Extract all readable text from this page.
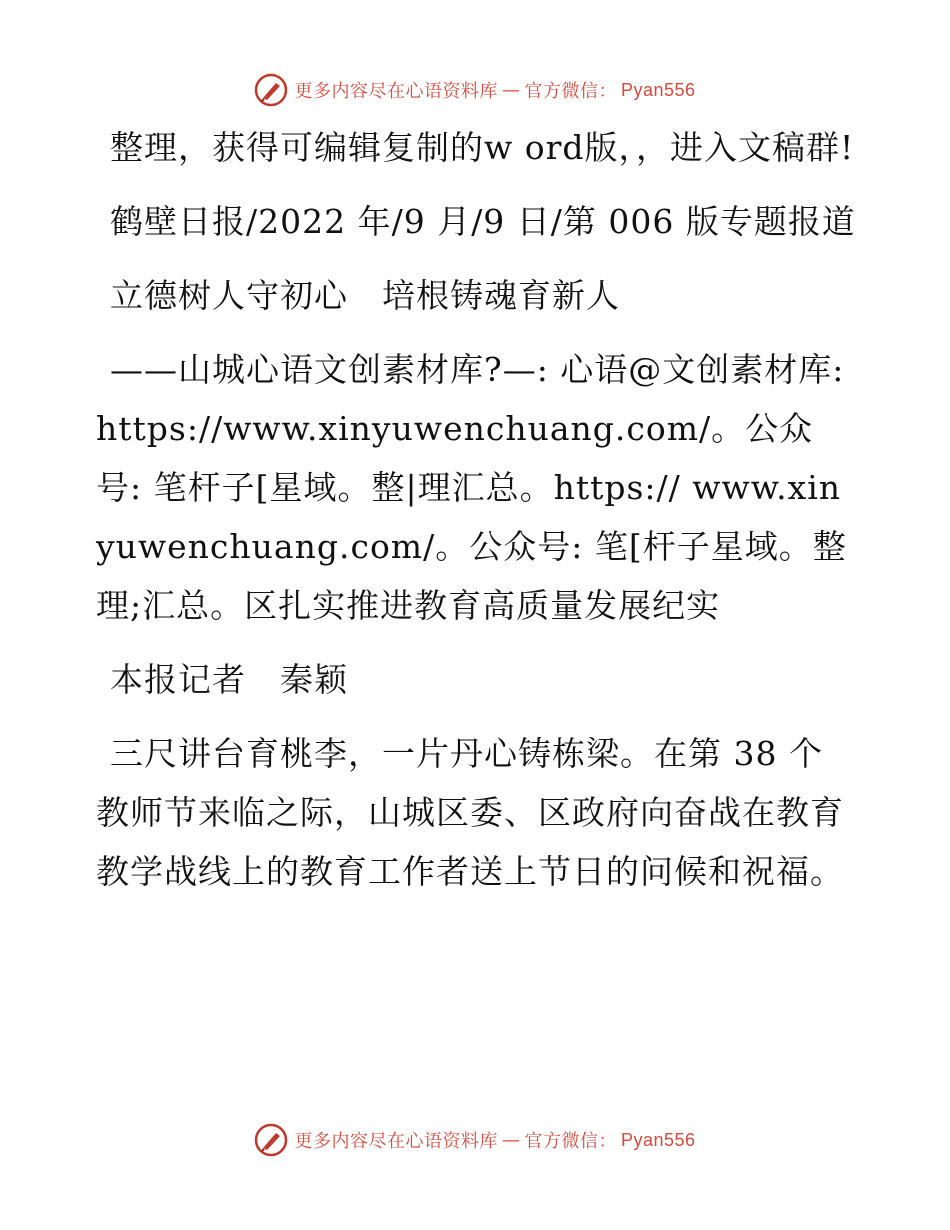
更多内容尽在心语资料库 — 官方微信： Pyan556

整理，获得可编辑复制的w ord版，，进入文稿群!

鹤壁日报/2022 年/9 月/9 日/第 006 版专题报道

立德树人守初心　培根铸魂育新人

——山城心语文创素材库?—: 心语@文创素材库: https://www.xinyuwenchuang.com/。公众号: 笔杆子[星域。整|理汇总。https:// www.xinyuwenchuang.com/。公众号: 笔[杆子星域。整理;汇总。区扎实推进教育高质量发展纪实

本报记者　秦颖

三尺讲台育桃李，一片丹心铸栋梁。在第 38 个教师节来临之际，山城区委、区政府向奋战在教育教学战线上的教育工作者送上节日的问候和祝福。

更多内容尽在心语资料库 — 官方微信： Pyan556
